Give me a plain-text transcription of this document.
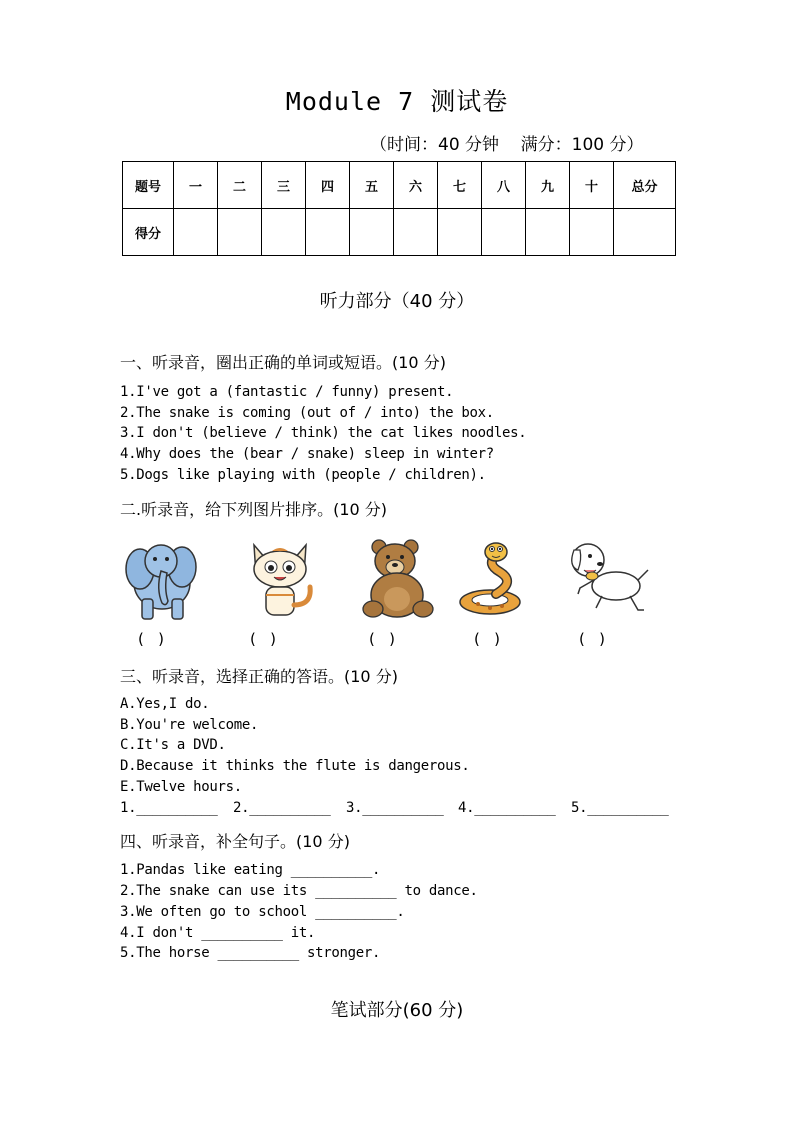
Module 7 测试卷
（时间：40 分钟    满分：100 分）
题号	一	二	三	四	五	六	七	八	九	十	总分
得分											
听力部分（40 分）
一、听录音，圈出正确的单词或短语。(10 分)
1.I've got a (fantastic / funny) present.
2.The snake is coming (out of / into) the box.
3.I don't (believe / think) the cat likes noodles.
4.Why does the (bear / snake) sleep in winter?
5.Dogs like playing with (people / children).
二.听录音，给下列图片排序。(10 分)
(   )	(   )	(   )	(   )	(   )
三、听录音，选择正确的答语。(10 分)
A.Yes,I do.
B.You're welcome.
C.It's a DVD.
D.Because it thinks the flute is dangerous.
E.Twelve hours.
1.__________ 2.__________ 3.__________ 4.__________ 5.__________
四、听录音，补全句子。(10 分)
1.Pandas like eating __________.
2.The snake can use its __________ to dance.
3.We often go to school __________.
4.I don't __________ it.
5.The horse __________ stronger.
笔试部分(60 分)
